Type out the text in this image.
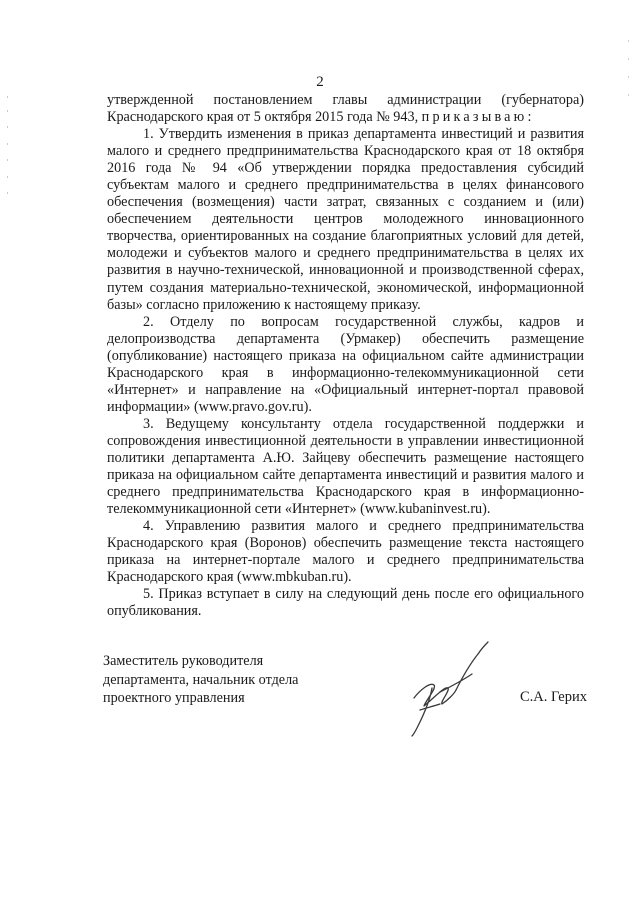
2

утвержденной постановлением главы администрации (губернатора) Краснодарского края от 5 октября 2015 года № 943, приказываю:

1. Утвердить изменения в приказ департамента инвестиций и развития малого и среднего предпринимательства Краснодарского края от 18 октября 2016 года № 94 «Об утверждении порядка предоставления субсидий субъектам малого и среднего предпринимательства в целях финансового обеспечения (возмещения) части затрат, связанных с созданием и (или) обеспечением деятельности центров молодежного инновационного творчества, ориентированных на создание благоприятных условий для детей, молодежи и субъектов малого и среднего предпринимательства в целях их развития в научно-технической, инновационной и производственной сферах, путем создания материально-технической, экономической, информационной базы» согласно приложению к настоящему приказу.

2. Отделу по вопросам государственной службы, кадров и делопроизводства департамента (Урмакер) обеспечить размещение (опубликование) настоящего приказа на официальном сайте администрации Краснодарского края в информационно-телекоммуникационной сети «Интернет» и направление на «Официальный интернет-портал правовой информации» (www.pravo.gov.ru).

3. Ведущему консультанту отдела государственной поддержки и сопровождения инвестиционной деятельности в управлении инвестиционной политики департамента А.Ю. Зайцеву обеспечить размещение настоящего приказа на официальном сайте департамента инвестиций и развития малого и среднего предпринимательства Краснодарского края в информационно-телекоммуникационной сети «Интернет» (www.kubaninvest.ru).

4. Управлению развития малого и среднего предпринимательства Краснодарского края (Воронов) обеспечить размещение текста настоящего приказа на интернет-портале малого и среднего предпринимательства Краснодарского края (www.mbkuban.ru).

5. Приказ вступает в силу на следующий день после его официального опубликования.

Заместитель руководителя
департамента, начальник отдела
проектного управления	С.А. Герих
